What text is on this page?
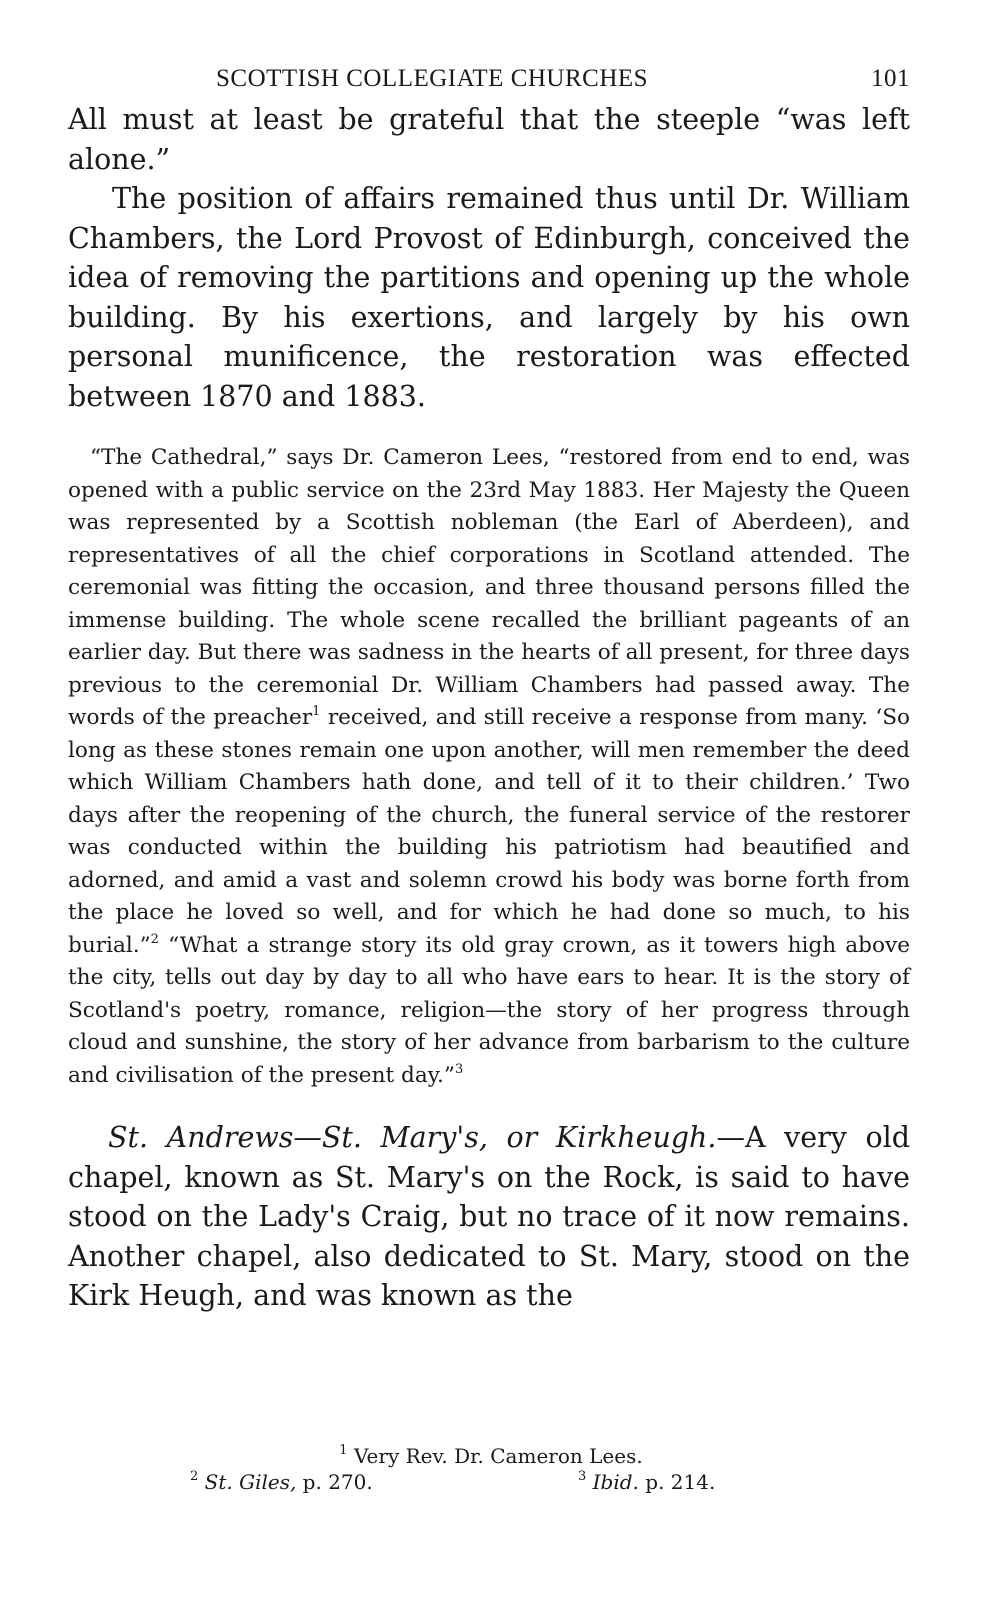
SCOTTISH COLLEGIATE CHURCHES	101

All must at least be grateful that the steeple “was left alone.”

The position of affairs remained thus until Dr. William Chambers, the Lord Provost of Edinburgh, conceived the idea of removing the partitions and opening up the whole building. By his exertions, and largely by his own personal munificence, the restoration was effected between 1870 and 1883.

“The Cathedral,” says Dr. Cameron Lees, “restored from end to end, was opened with a public service on the 23rd May 1883. Her Majesty the Queen was represented by a Scottish nobleman (the Earl of Aberdeen), and representatives of all the chief corporations in Scotland attended. The ceremonial was fitting the occasion, and three thousand persons filled the immense building. The whole scene recalled the brilliant pageants of an earlier day. But there was sadness in the hearts of all present, for three days previous to the ceremonial Dr. William Chambers had passed away. The words of the preacher$^1$ received, and still receive a response from many. ‘So long as these stones remain one upon another, will men remember the deed which William Chambers hath done, and tell of it to their children.’ Two days after the reopening of the church, the funeral service of the restorer was conducted within the building his patriotism had beautified and adorned, and amid a vast and solemn crowd his body was borne forth from the place he loved so well, and for which he had done so much, to his burial.”$^2$ “What a strange story its old gray crown, as it towers high above the city, tells out day by day to all who have ears to hear. It is the story of Scotland's poetry, romance, religion—the story of her progress through cloud and sunshine, the story of her advance from barbarism to the culture and civilisation of the present day.”$^3$

St. Andrews—St. Mary's, or Kirkheugh.—A very old chapel, known as St. Mary's on the Rock, is said to have stood on the Lady's Craig, but no trace of it now remains. Another chapel, also dedicated to St. Mary, stood on the Kirk Heugh, and was known as the

$^1$ Very Rev. Dr. Cameron Lees.
$^2$ St. Giles, p. 270.	$^3$ Ibid. p. 214.
